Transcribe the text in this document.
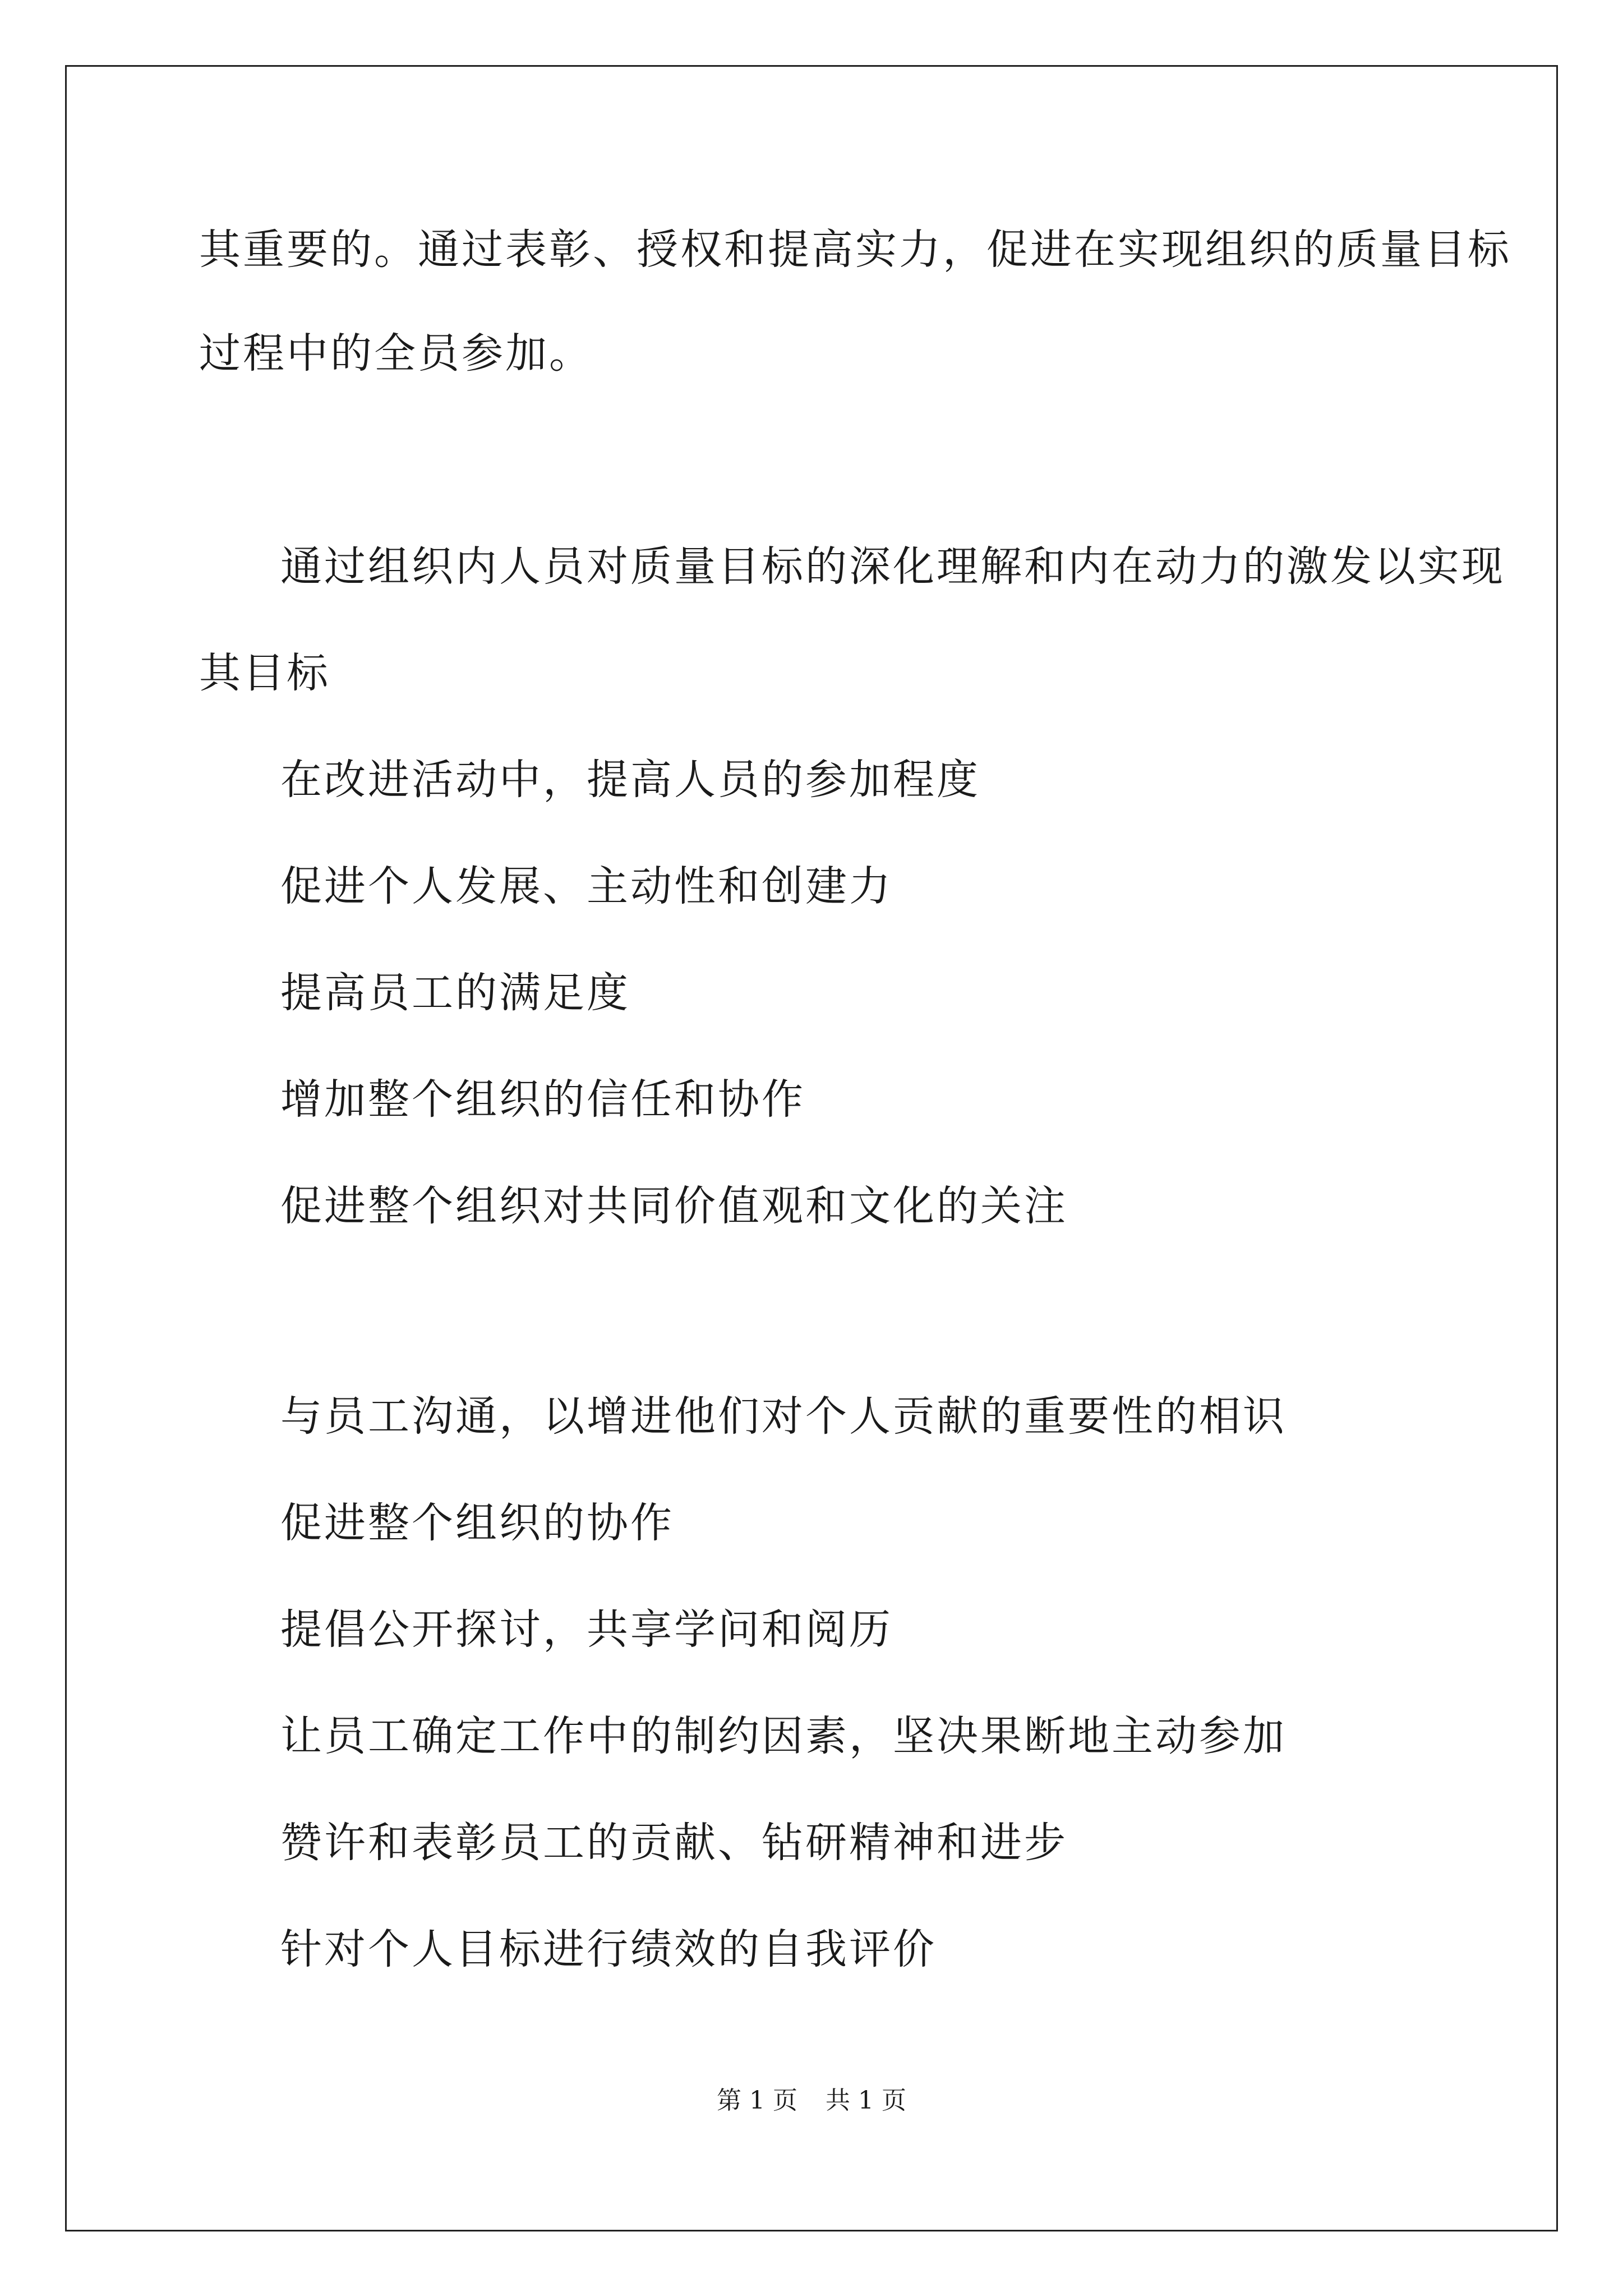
其重要的。通过表彰、授权和提高实力，促进在实现组织的质量目标
过程中的全员参加。
通过组织内人员对质量目标的深化理解和内在动力的激发以实现
其目标
在改进活动中，提高人员的参加程度
促进个人发展、主动性和创建力
提高员工的满足度
增加整个组织的信任和协作
促进整个组织对共同价值观和文化的关注
与员工沟通，以增进他们对个人贡献的重要性的相识
促进整个组织的协作
提倡公开探讨，共享学问和阅历
让员工确定工作中的制约因素，坚决果断地主动参加
赞许和表彰员工的贡献、钻研精神和进步
针对个人目标进行绩效的自我评价
第 1 页 共 1 页
